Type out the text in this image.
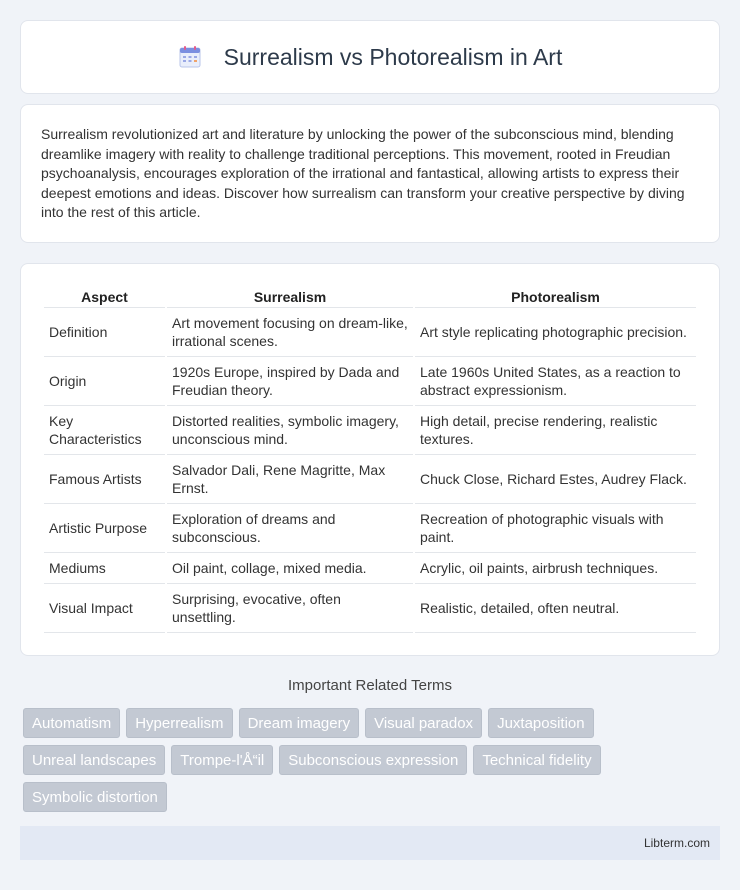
Surrealism vs Photorealism in Art

Surrealism revolutionized art and literature by unlocking the power of the subconscious mind, blending dreamlike imagery with reality to challenge traditional perceptions. This movement, rooted in Freudian psychoanalysis, encourages exploration of the irrational and fantastical, allowing artists to express their deepest emotions and ideas. Discover how surrealism can transform your creative perspective by diving into the rest of this article.

Aspect	Surrealism	Photorealism
Definition	Art movement focusing on dream-like, irrational scenes.	Art style replicating photographic precision.
Origin	1920s Europe, inspired by Dada and Freudian theory.	Late 1960s United States, as a reaction to abstract expressionism.
Key Characteristics	Distorted realities, symbolic imagery, unconscious mind.	High detail, precise rendering, realistic textures.
Famous Artists	Salvador Dali, Rene Magritte, Max Ernst.	Chuck Close, Richard Estes, Audrey Flack.
Artistic Purpose	Exploration of dreams and subconscious.	Recreation of photographic visuals with paint.
Mediums	Oil paint, collage, mixed media.	Acrylic, oil paints, airbrush techniques.
Visual Impact	Surprising, evocative, often unsettling.	Realistic, detailed, often neutral.
Important Related Terms
Automatism	Hyperrealism	Dream imagery	Visual paradox	Juxtaposition
Unreal landscapes	Trompe-l'Å“il	Subconscious expression	Technical fidelity
Symbolic distortion
Libterm.com
